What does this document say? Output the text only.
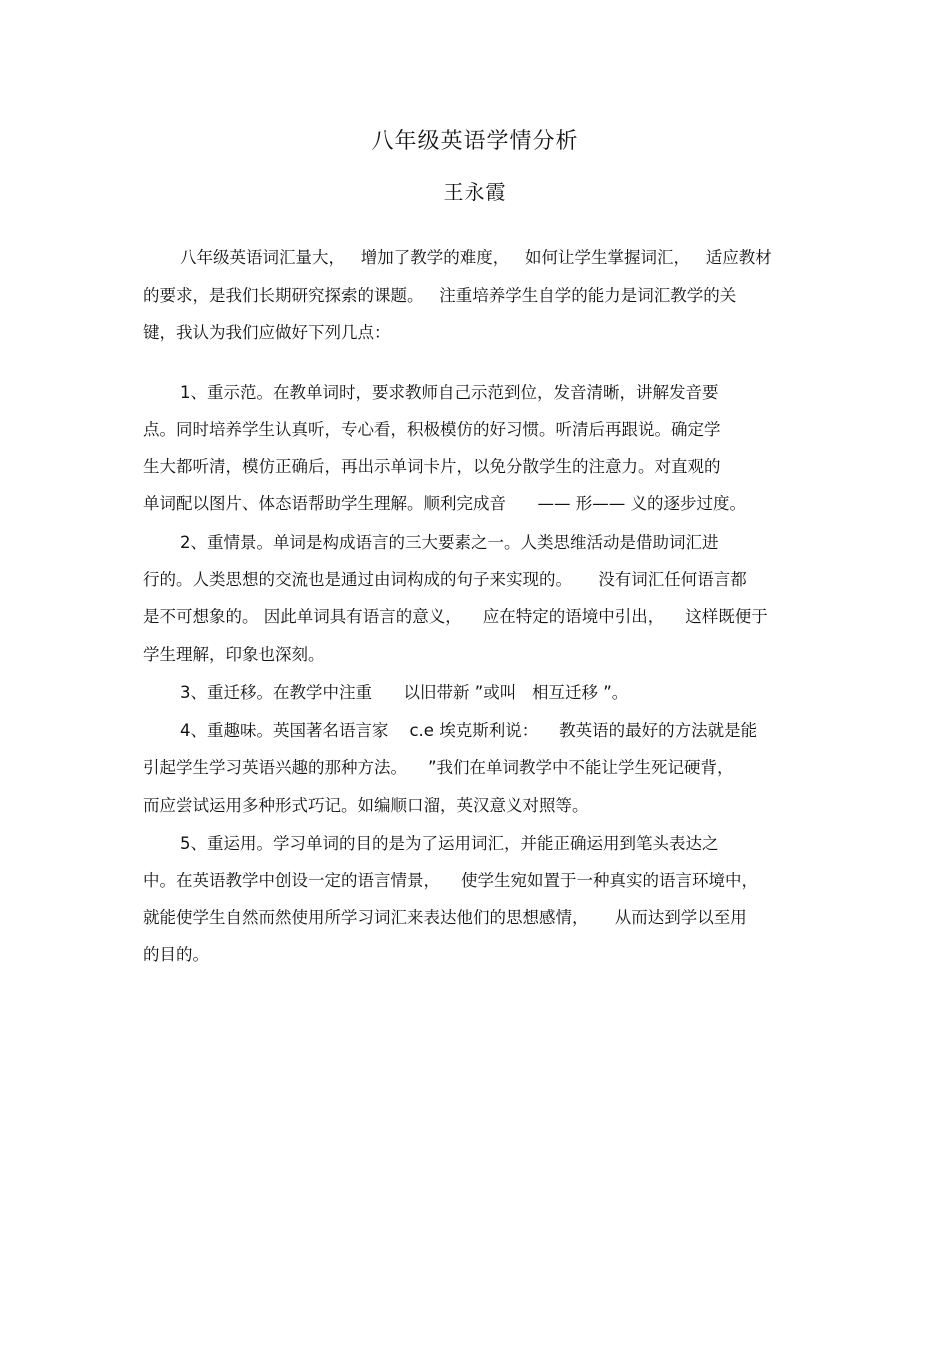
八年级英语学情分析
王永霞
八年级英语词汇量大，   增加了教学的难度，   如何让学生掌握词汇，   适应教材
的要求，是我们长期研究探索的课题。   注重培养学生自学的能力是词汇教学的关
键，我认为我们应做好下列几点：
1、重示范。在教单词时，要求教师自己示范到位，发音清晰，讲解发音要
点。同时培养学生认真听，专心看，积极模仿的好习惯。听清后再跟说。确定学
生大都听清，模仿正确后，再出示单词卡片，以免分散学生的注意力。对直观的
单词配以图片、体态语帮助学生理解。顺利完成音      —— 形—— 义的逐步过度。
2、重情景。单词是构成语言的三大要素之一。人类思维活动是借助词汇进
行的。人类思想的交流也是通过由词构成的句子来实现的。     没有词汇任何语言都
是不可想象的。 因此单词具有语言的意义，    应在特定的语境中引出，    这样既便于
学生理解，印象也深刻。
3、重迁移。在教学中注重      以旧带新 ”或叫   相互迁移 ”。
4、重趣味。英国著名语言家    c.e 埃克斯利说：    教英语的最好的方法就是能
引起学生学习英语兴趣的那种方法。    ”我们在单词教学中不能让学生死记硬背，
而应尝试运用多种形式巧记。如编顺口溜，英汉意义对照等。
5、重运用。学习单词的目的是为了运用词汇，并能正确运用到笔头表达之
中。在英语教学中创设一定的语言情景，    使学生宛如置于一种真实的语言环境中，
就能使学生自然而然使用所学习词汇来表达他们的思想感情，     从而达到学以至用
的目的。
